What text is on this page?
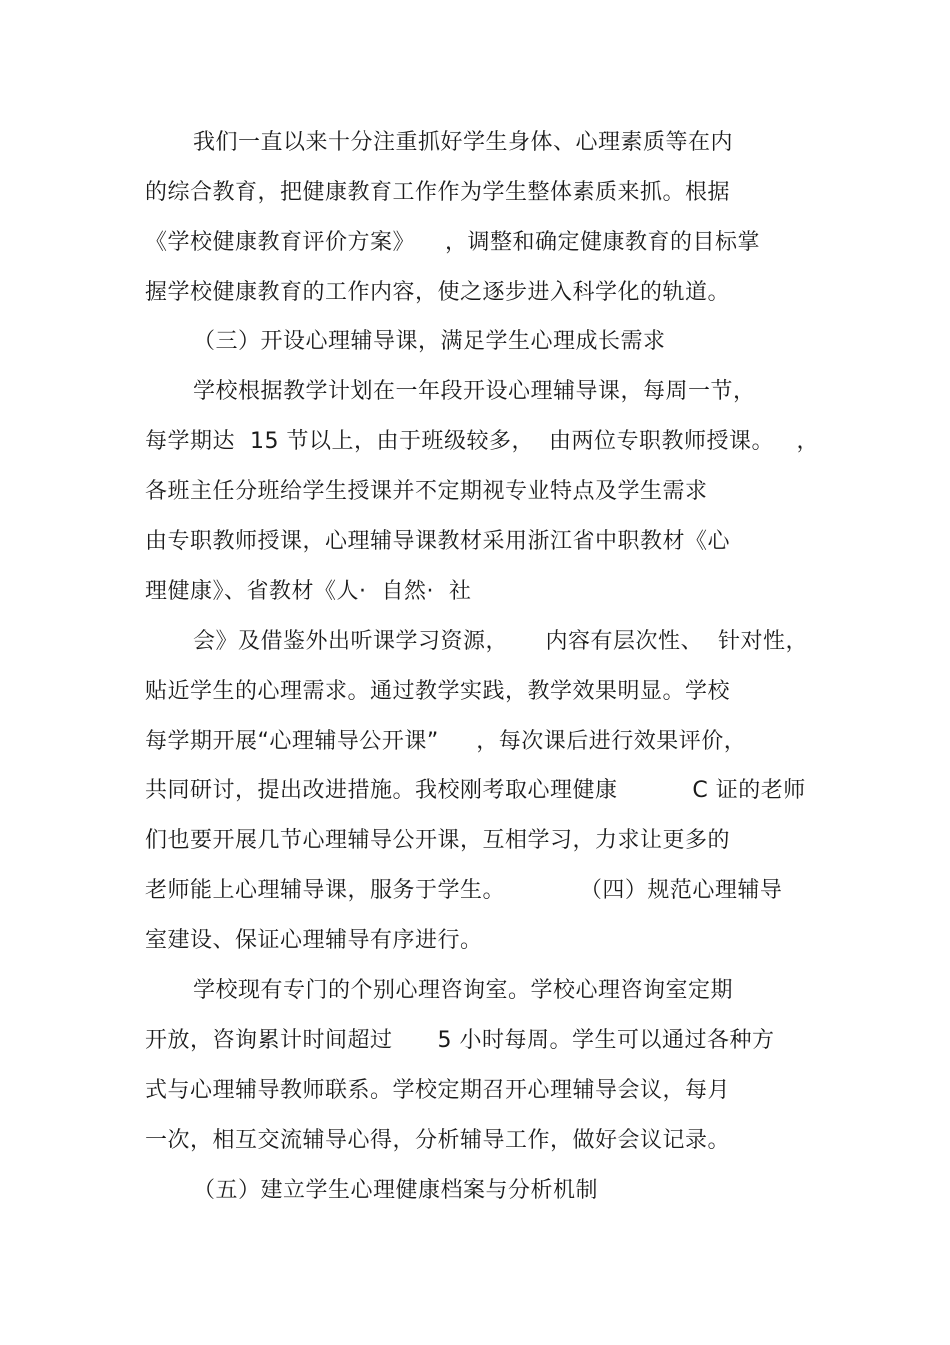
我们一直以来十分注重抓好学生身体、心理素质等在内
的综合教育，把健康教育工作作为学生整体素质来抓。根据
《学校健康教育评价方案》    ，调整和确定健康教育的目标掌
握学校健康教育的工作内容，使之逐步进入科学化的轨道。
（三）开设心理辅导课，满足学生心理成长需求
学校根据教学计划在一年段开设心理辅导课，每周一节，
每学期达  15 节以上，由于班级较多，  由两位专职教师授课。   ，
各班主任分班给学生授课并不定期视专业特点及学生需求
由专职教师授课，心理辅导课教材采用浙江省中职教材《心
理健康》、省教材《人·  自然·  社
会》及借鉴外出听课学习资源，     内容有层次性、  针对性，
贴近学生的心理需求。通过教学实践，教学效果明显。学校
每学期开展“心理辅导公开课”     ，每次课后进行效果评价，
共同研讨，提出改进措施。我校刚考取心理健康          C 证的老师
们也要开展几节心理辅导公开课，互相学习，力求让更多的
老师能上心理辅导课，服务于学生。          （四）规范心理辅导
室建设、保证心理辅导有序进行。
学校现有专门的个别心理咨询室。学校心理咨询室定期
开放，咨询累计时间超过      5 小时每周。学生可以通过各种方
式与心理辅导教师联系。学校定期召开心理辅导会议，每月
一次，相互交流辅导心得，分析辅导工作，做好会议记录。
（五）建立学生心理健康档案与分析机制
